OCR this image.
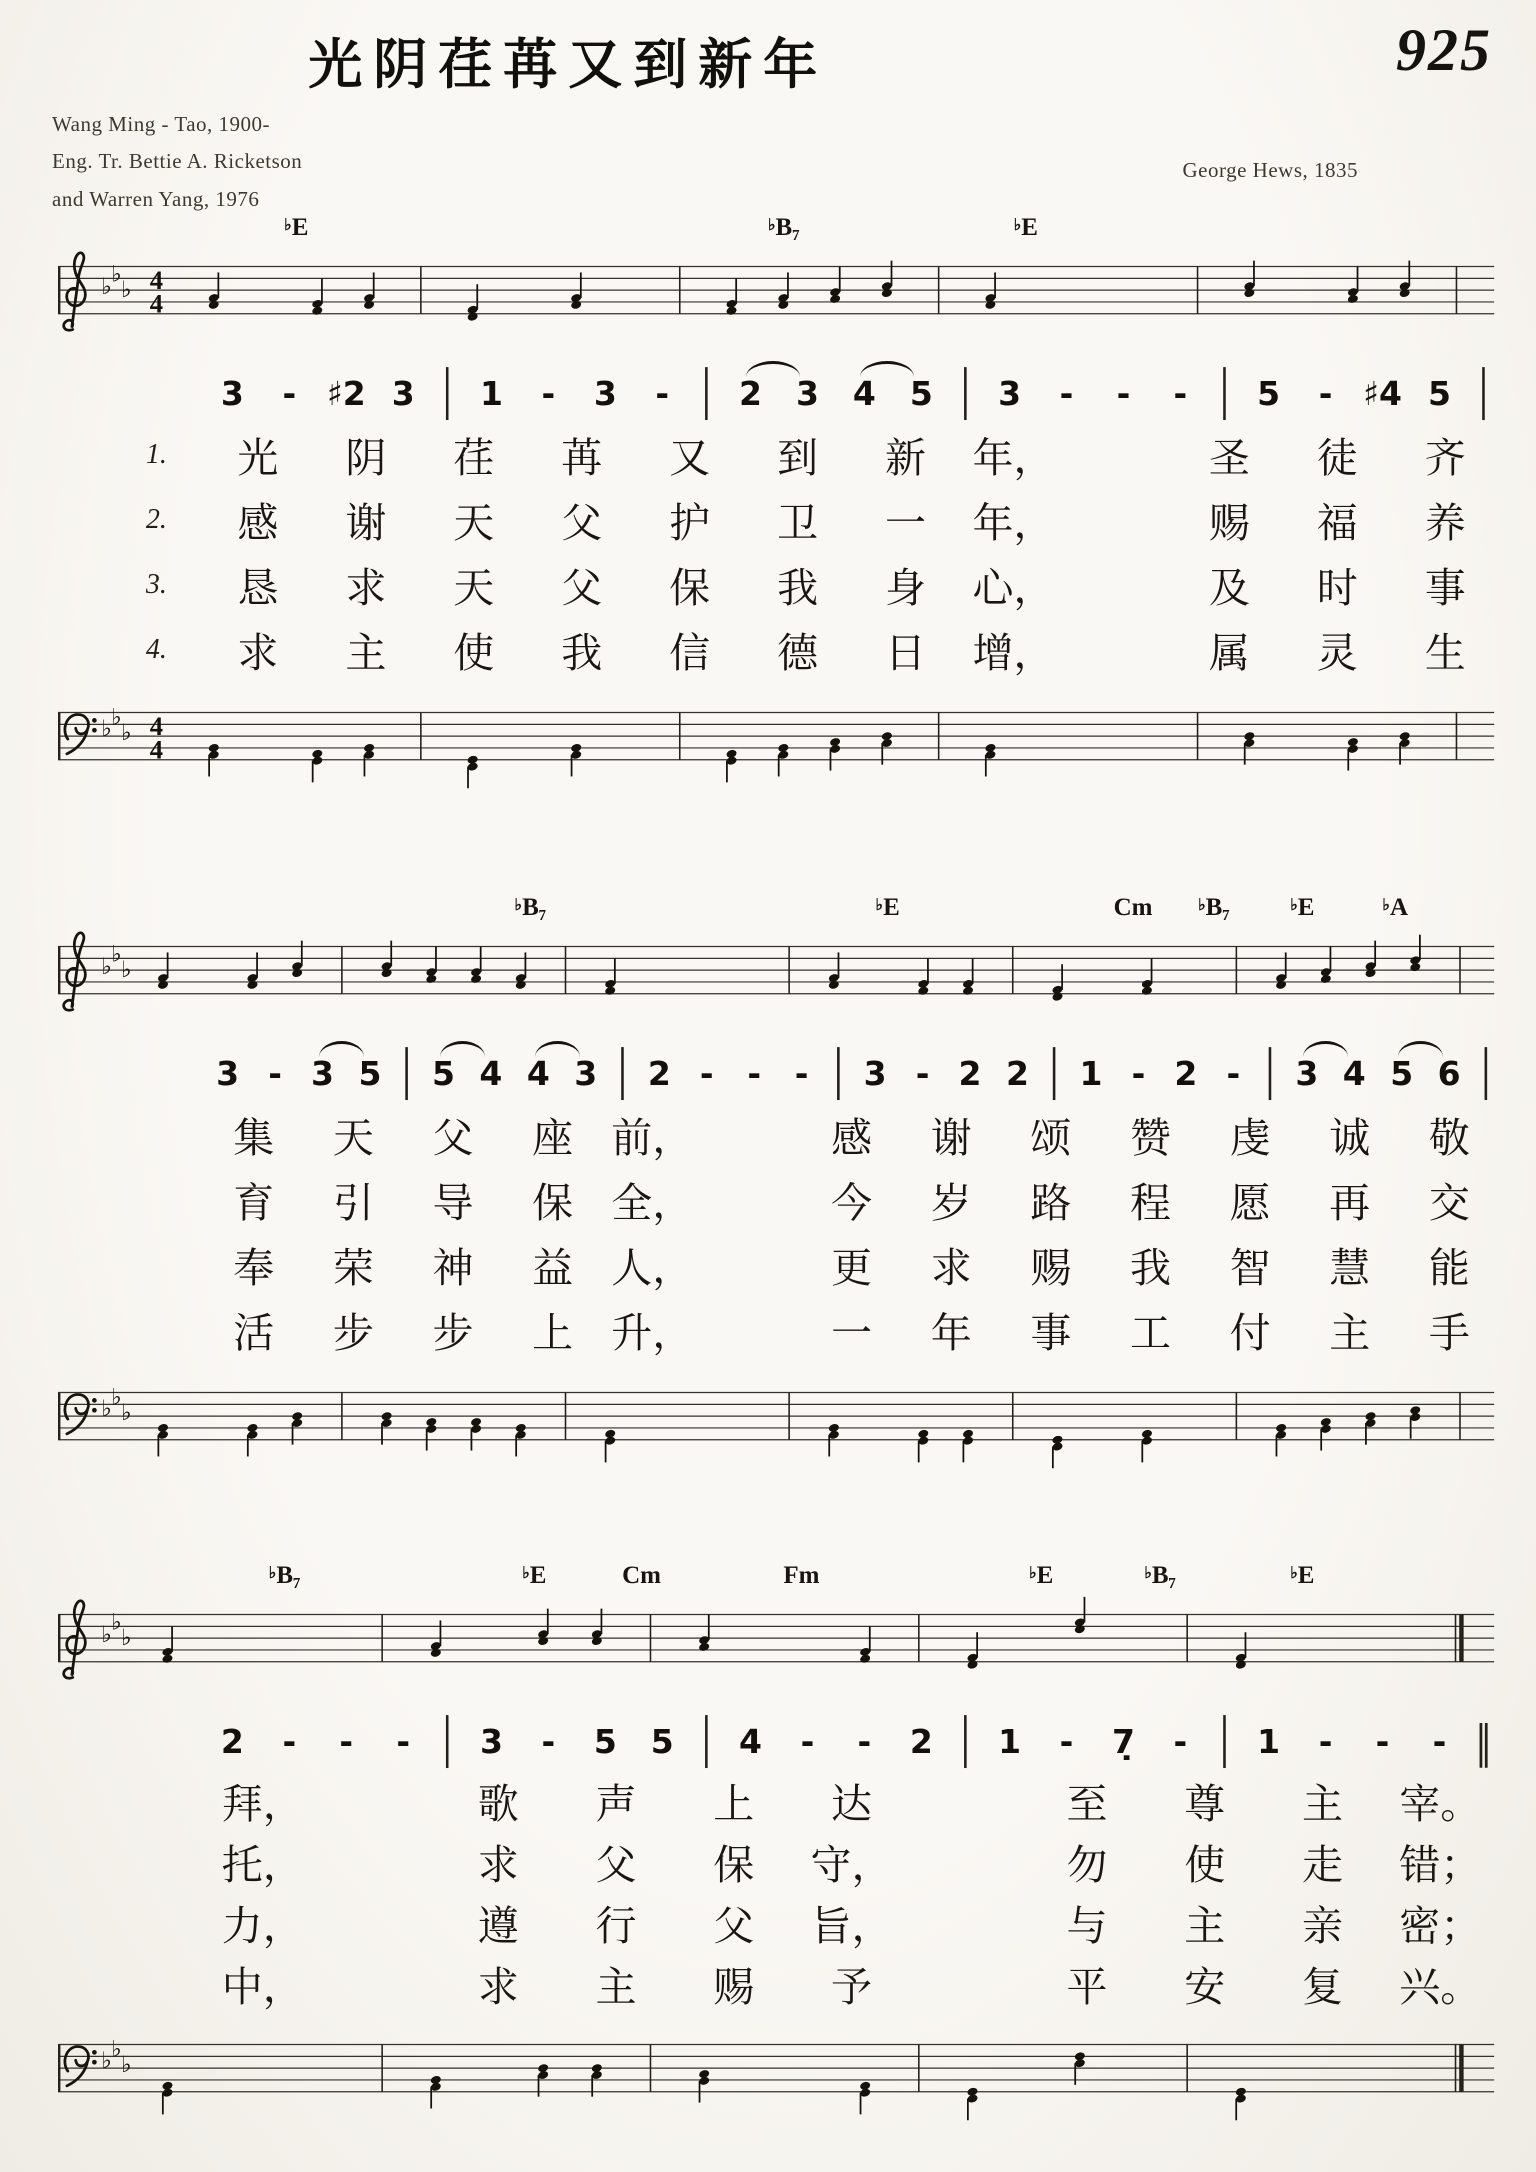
光阴荏苒又到新年	925
Wang Ming - Tao, 1900-
Eng. Tr. Bettie A. Ricketson
and Warren Yang, 1976
George Hews, 1835
♭E	♭B₇	♭E
♭ ♭
♭ 4
4
3	- ♯2 3 │ 1	-	3	- │ 2	3	4	5 │ 3	-	-	- │ 5	- ♯4 5 │
1.	光	阴	荏	苒	又	到	新	年，	圣	徒	齐
2.	感	谢	天	父	护	卫	一	年，	赐	福	养
3.	恳	求	天	父	保	我	身	心，	及	时	事
4.	求	主	使	我	信	德	日	增，	属	灵	生
♭ ♭
♭ 4
4
♭B₇	♭E	Cm	♭B₇	♭E	♭A
♭ ♭
♭
3 - 3 5 │ 5 4 4 3 │ 2 -	-	- │ 3 - 2 2 │ 1 - 2 - │ 3 4 5 6 │
集	天	父	座 前，	感	谢	颂	赞	虔	诚	敬
育	引	导	保 全，	今	岁	路	程	愿	再	交
奉	荣	神	益 人，	更	求	赐	我	智	慧	能
活	步	步	上 升，	一	年	事	工	付	主	手
♭ ♭
♭
♭B₇	♭E	Cm	Fm	♭E	♭B₇	♭E
♭ ♭
♭
2	-	-	- │ 3	-	5	5 │ 4	-	-	2 │ 1	-	7̣	- │ 1	-	-	- ‖
拜，	歌	声	上	达	至	尊	主	宰。
托，	求	父	保	守，	勿	使	走	错；
力，	遵	行	父	旨，	与	主	亲	密；
中，	求	主	赐	予	平	安	复	兴。
♭ ♭
♭
